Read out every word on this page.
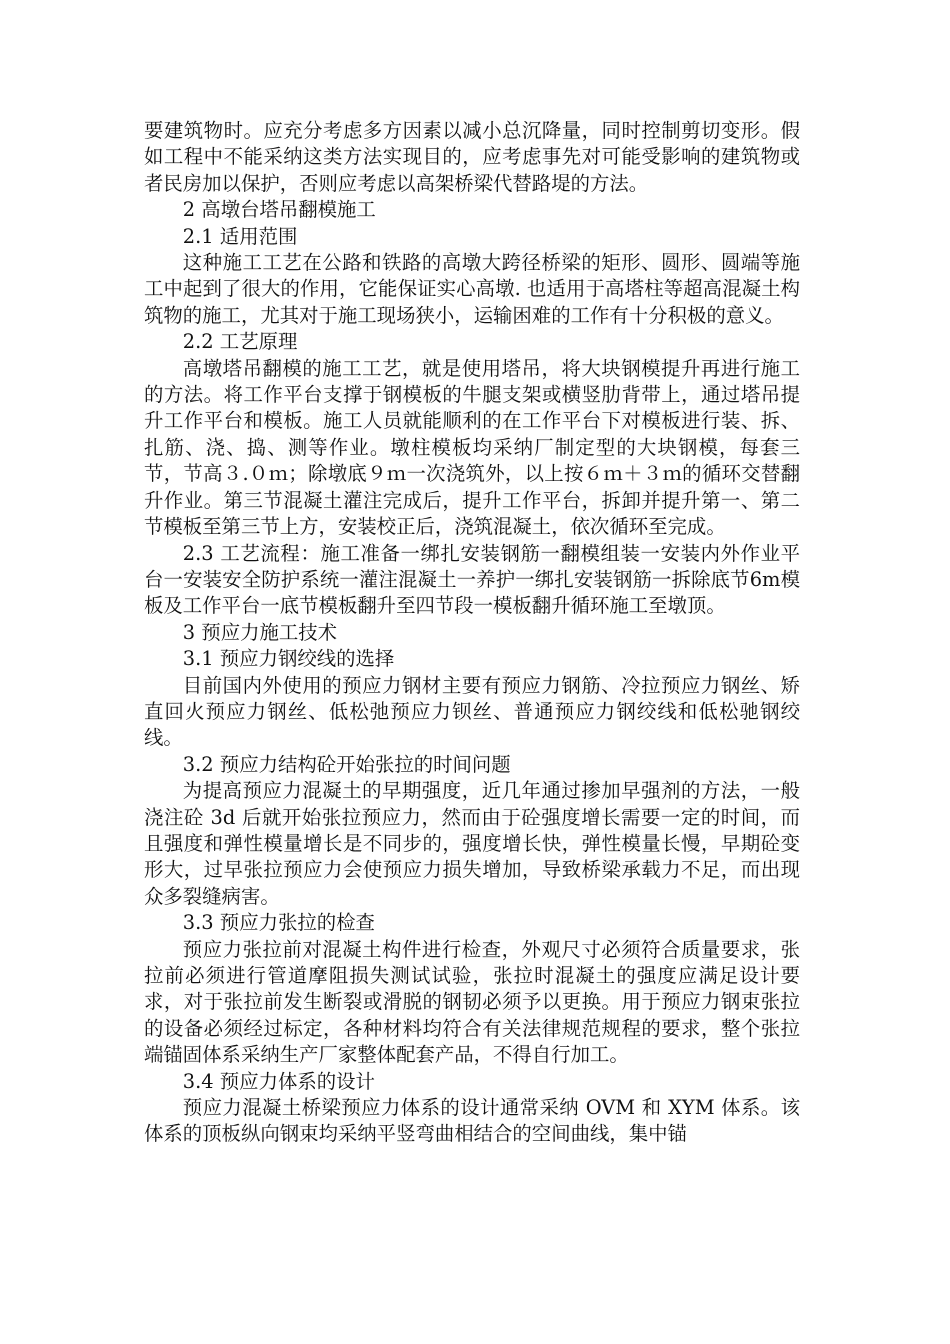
要建筑物时。应充分考虑多方因素以减小总沉降量，同时控制剪切变形。假如工程中不能采纳这类方法实现目的，应考虑事先对可能受影响的建筑物或者民房加以保护，否则应考虑以高架桥梁代替路堤的方法。

2 高墩台塔吊翻模施工

2.1 适用范围

这种施工工艺在公路和铁路的高墩大跨径桥梁的矩形、圆形、圆端等施工中起到了很大的作用，它能保证实心高墩. 也适用于高塔柱等超高混凝土构筑物的施工，尤其对于施工现场狭小，运输困难的工作有十分积极的意义。

2.2 工艺原理

高墩塔吊翻模的施工工艺，就是使用塔吊，将大块钢模提升再进行施工的方法。将工作平台支撑于钢模板的牛腿支架或横竖肋背带上，通过塔吊提升工作平台和模板。施工人员就能顺利的在工作平台下对模板进行装、拆、扎筋、浇、捣、测等作业。墩柱模板均采纳厂制定型的大块钢模，每套三节，节高３.０ｍ；除墩底９ｍ一次浇筑外，以上按６ｍ＋３ｍ的循环交替翻升作业。第三节混凝土灌注完成后，提升工作平台，拆卸并提升第一、第二节模板至第三节上方，安装校正后，浇筑混凝土，依次循环至完成。

2.3 工艺流程：施工准备一绑扎安装钢筋一翻模组装一安装内外作业平台一安装安全防护系统一灌注混凝土一养护一绑扎安装钢筋一拆除底节6m模板及工作平台一底节模板翻升至四节段一模板翻升循环施工至墩顶。

3 预应力施工技术

3.1 预应力钢绞线的选择

目前国内外使用的预应力钢材主要有预应力钢筋、冷拉预应力钢丝、矫直回火预应力钢丝、低松弛预应力钡丝、普通预应力钢绞线和低松驰钢绞线。

3.2 预应力结构砼开始张拉的时间问题

为提高预应力混凝土的早期强度，近几年通过掺加早强剂的方法，一般浇注砼 3d 后就开始张拉预应力，然而由于砼强度增长需要一定的时间，而且强度和弹性模量增长是不同步的，强度增长快，弹性模量长慢，早期砼变形大，过早张拉预应力会使预应力损失增加，导致桥梁承载力不足，而出现众多裂缝病害。

3.3 预应力张拉的检查

预应力张拉前对混凝土构件进行检查，外观尺寸必须符合质量要求，张拉前必须进行管道摩阻损失测试试验，张拉时混凝土的强度应满足设计要求，对于张拉前发生断裂或滑脱的钢韧必须予以更换。用于预应力钢束张拉的设备必须经过标定，各种材料均符合有关法律规范规程的要求，整个张拉端锚固体系采纳生产厂家整体配套产品，不得自行加工。

3.4 预应力体系的设计

预应力混凝土桥梁预应力体系的设计通常采纳 OVM 和 XYM 体系。该体系的顶板纵向钢束均采纳平竖弯曲相结合的空间曲线，集中锚
